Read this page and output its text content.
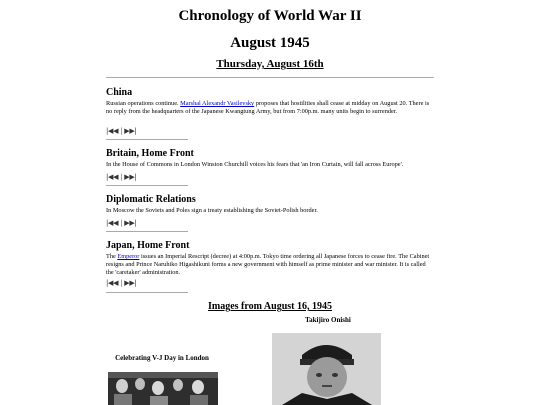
Chronology of World War II
August 1945
Thursday, August 16th

China

Russian operations continue. Marshal Alexandr Vasilevsky proposes that hostilities shall cease at midday on August 20. There is no reply from the headquarters of the Japanese Kwangtung Army, but from 7:00p.m. many units begin to surrender.

|◀◀ | ▶▶|

Britain, Home Front

In the House of Commons in London Winston Churchill voices his fears that 'an Iron Curtain, will fall across Europe'.

|◀◀ | ▶▶|

Diplomatic Relations

In Moscow the Soviets and Poles sign a treaty establishing the Soviet-Polish border.

|◀◀ | ▶▶|

Japan, Home Front

The Emperor issues an Imperial Rescript (decree) at 4:00p.m. Tokyo time ordering all Japanese forces to cease fire. The Cabinet resigns and Prince Naruhiko Higashikuni forms a new government with himself as prime minister and war minister. It is called the 'caretaker' administration.

|◀◀ | ▶▶|
Images from August 16, 1945
Takijiro Onishi
Celebrating V-J Day in London
